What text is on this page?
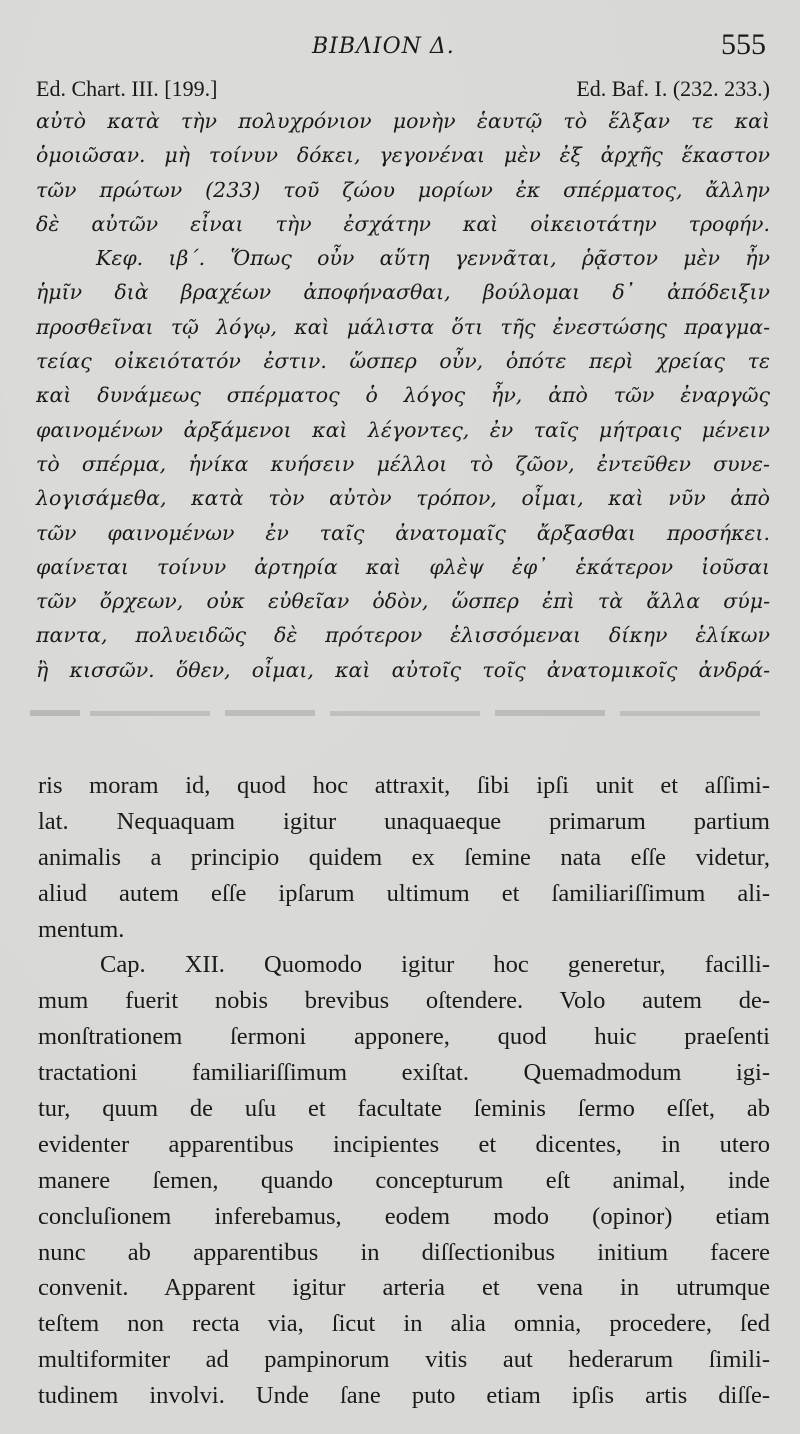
ΒΙΒΛΙΟΝ Δ.	555
Ed. Chart. III. [199.]	Ed. Baf. I. (232. 233.)
αὐτὸ κατὰ τὴν πολυχρόνιον μονὴν ἑαυτῷ τὸ ἕλξαν τε καὶ
ὁμοιῶσαν. μὴ τοίνυν δόκει, γεγονέναι μὲν ἐξ ἀρχῆς ἕκαστον
τῶν πρώτων (233) τοῦ ζώου μορίων ἐκ σπέρματος, ἄλλην
δὲ αὐτῶν εἶναι τὴν ἐσχάτην καὶ οἰκειοτάτην τροφήν.
Κεφ. ιβ΄. Ὅπως οὖν αὕτη γεννᾶται, ῥᾷστον μὲν ἦν
ἡμῖν διὰ βραχέων ἀποφήνασθαι, βούλομαι δ᾽ ἀπόδειξιν
προσθεῖναι τῷ λόγῳ, καὶ μάλιστα ὅτι τῆς ἐνεστώσης πραγμα-
τείας οἰκειότατόν ἐστιν. ὥσπερ οὖν, ὁπότε περὶ χρείας τε
καὶ δυνάμεως σπέρματος ὁ λόγος ἦν, ἀπὸ τῶν ἐναργῶς
φαινομένων ἀρξάμενοι καὶ λέγοντες, ἐν ταῖς μήτραις μένειν
τὸ σπέρμα, ἡνίκα κυήσειν μέλλοι τὸ ζῶον, ἐντεῦθεν συνε-
λογισάμεθα, κατὰ τὸν αὐτὸν τρόπον, οἶμαι, καὶ νῦν ἀπὸ
τῶν φαινομένων ἐν ταῖς ἀνατομαῖς ἄρξασθαι προσήκει.
φαίνεται τοίνυν ἀρτηρία καὶ φλὲψ ἐφ᾽ ἑκάτερον ἰοῦσαι
τῶν ὄρχεων, οὐκ εὐθεῖαν ὁδὸν, ὥσπερ ἐπὶ τὰ ἄλλα σύμ-
παντα, πολυειδῶς δὲ πρότερον ἑλισσόμεναι δίκην ἑλίκων
ἢ κισσῶν. ὅθεν, οἶμαι, καὶ αὐτοῖς τοῖς ἀνατομικοῖς ἀνδρά-
ris moram id, quod hoc attraxit, ſibi ipſi unit et aſſimi-
lat. Nequaquam igitur unaquaeque primarum partium
animalis a principio quidem ex ſemine nata eſſe videtur,
aliud autem eſſe ipſarum ultimum et ſamiliariſſimum ali-
mentum.
Cap. XII. Quomodo igitur hoc generetur, facilli-
mum fuerit nobis brevibus oſtendere. Volo autem de-
monſtrationem ſermoni apponere, quod huic praeſenti
tractationi familiariſſimum exiſtat. Quemadmodum igi-
tur, quum de uſu et facultate ſeminis ſermo eſſet, ab
evidenter apparentibus incipientes et dicentes, in utero
manere ſemen, quando concepturum eſt animal, inde
concluſionem inferebamus, eodem modo (opinor) etiam
nunc ab apparentibus in diſſectionibus initium facere
convenit. Apparent igitur arteria et vena in utrumque
teſtem non recta via, ſicut in alia omnia, procedere, ſed
multiformiter ad pampinorum vitis aut hederarum ſimili-
tudinem involvi. Unde ſane puto etiam ipſis artis diſſe-
